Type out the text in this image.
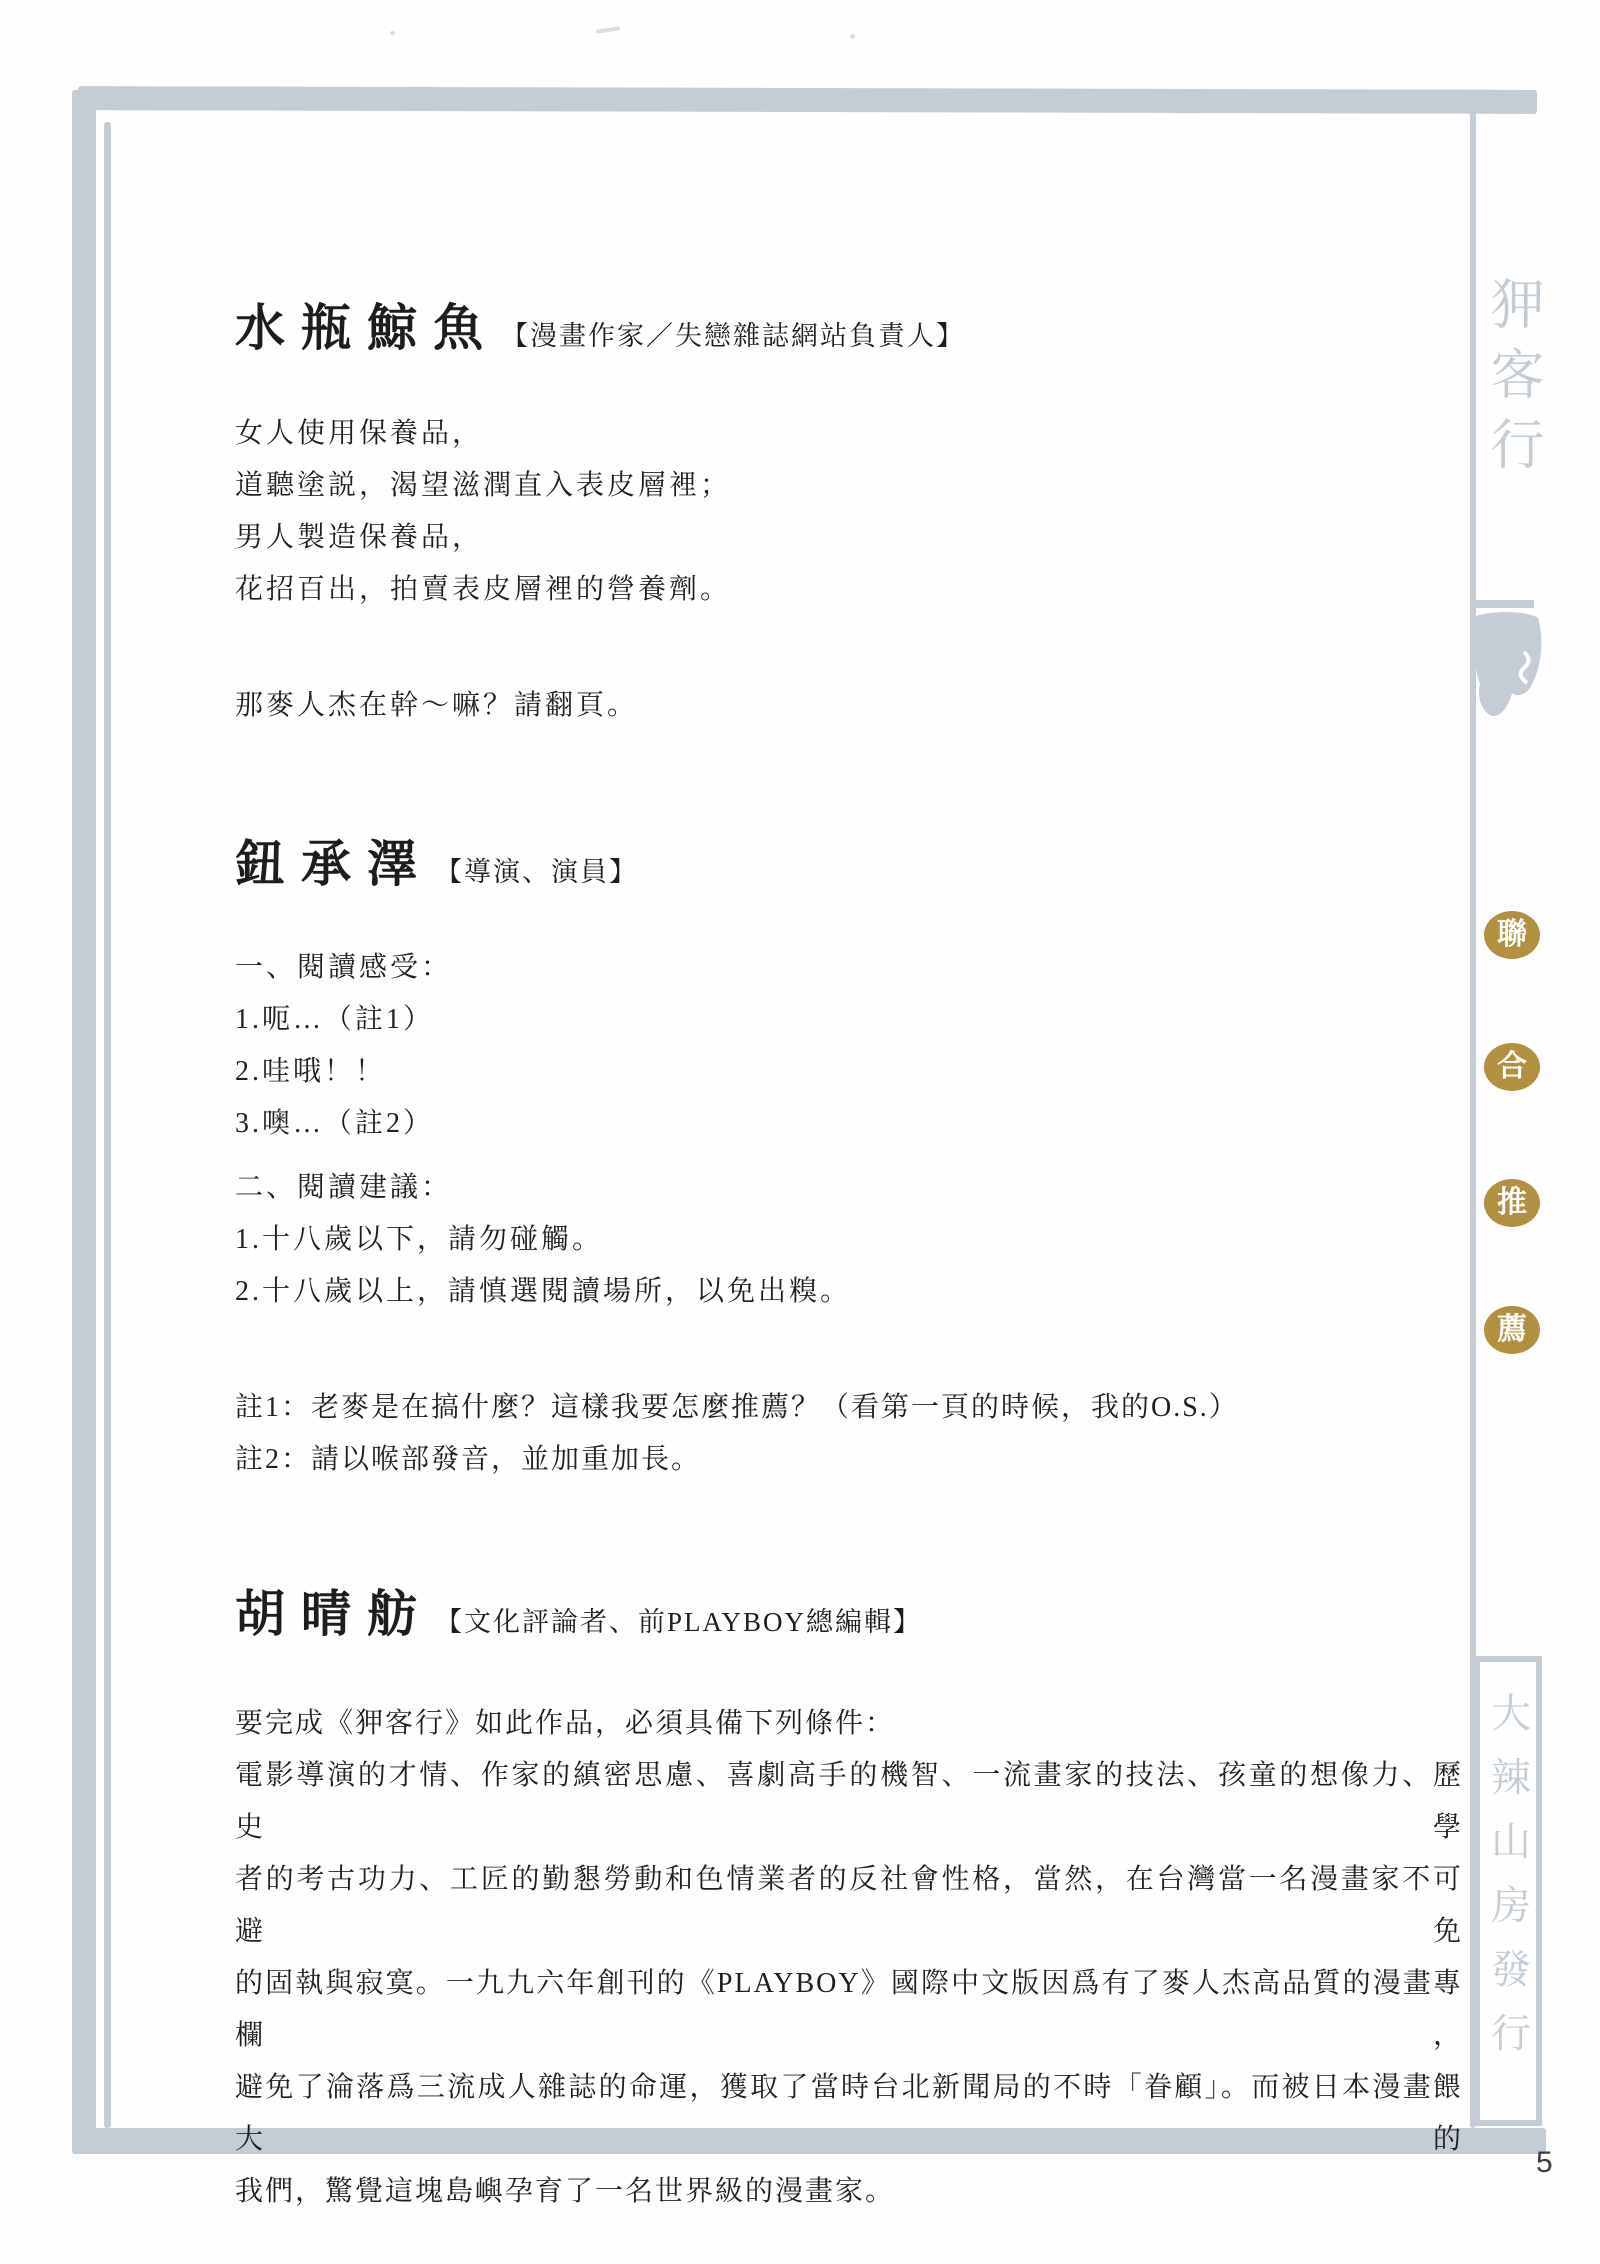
水瓶鯨魚 【漫畫作家／失戀雜誌網站負責人】
女人使用保養品，
道聽塗説，渴望滋潤直入表皮層裡；
男人製造保養品，
花招百出，拍賣表皮層裡的營養劑。
那麥人杰在幹～嘛？請翻頁。
鈕承澤 【導演、演員】
一、閱讀感受：
1.呃…（註1）
2.哇哦！！
3.噢…（註2）
二、閱讀建議：
1.十八歲以下，請勿碰觸。
2.十八歲以上，請慎選閱讀場所，以免出糗。
註1：老麥是在搞什麼？這樣我要怎麼推薦？（看第一頁的時候，我的O.S.）
註2：請以喉部發音，並加重加長。
胡晴舫 【文化評論者、前PLAYBOY總編輯】
要完成《狎客行》如此作品，必須具備下列條件：
電影導演的才情、作家的縝密思慮、喜劇高手的機智、一流畫家的技法、孩童的想像力、歷史學
者的考古功力、工匠的勤懇勞動和色情業者的反社會性格，當然，在台灣當一名漫畫家不可避免
的固執與寂寞。一九九六年創刊的《PLAYBOY》國際中文版因爲有了麥人杰高品質的漫畫專欄，
避免了淪落爲三流成人雜誌的命運，獲取了當時台北新聞局的不時「眷顧」。而被日本漫畫餵大的
我們，驚覺這塊島嶼孕育了一名世界級的漫畫家。
狎客行
聯
合
推
薦
大辣山房發行
5
